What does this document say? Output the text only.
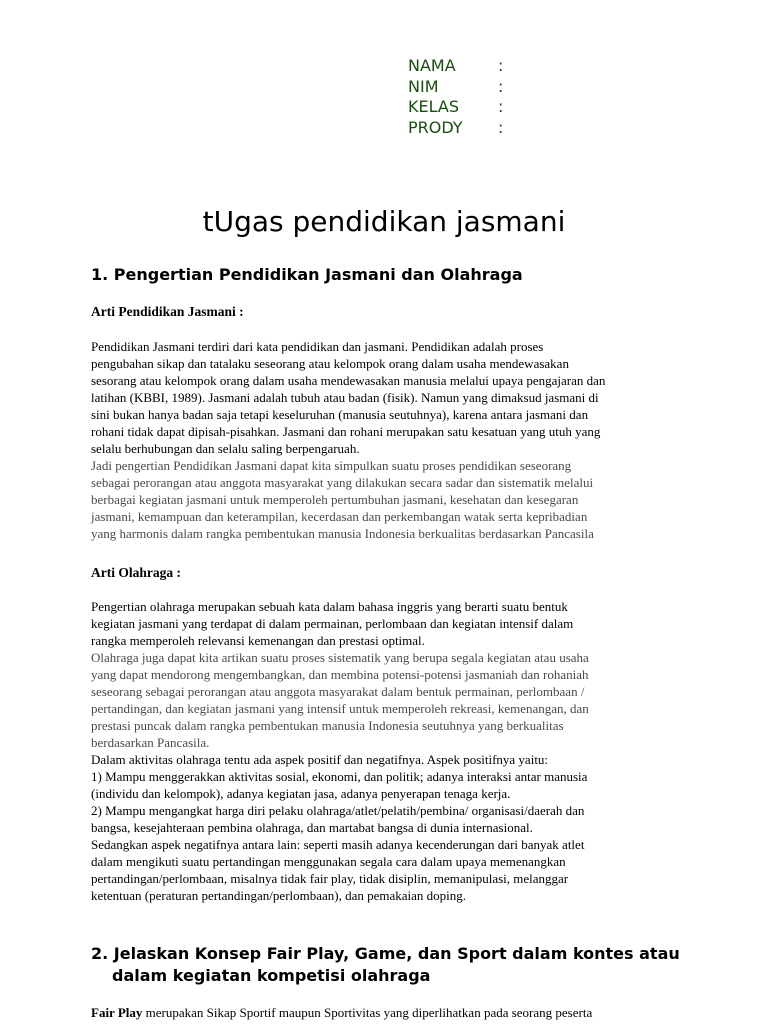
NAMA	:
NIM	:
KELAS	:
PRODY	:
tUgas pendidikan jasmani
1. Pengertian Pendidikan Jasmani dan Olahraga
Arti Pendidikan Jasmani :
Pendidikan Jasmani terdiri dari kata pendidikan dan jasmani. Pendidikan adalah proses
pengubahan sikap dan tatalaku seseorang atau kelompok orang dalam usaha mendewasakan
sesorang atau kelompok orang dalam usaha mendewasakan manusia melalui upaya pengajaran dan
latihan (KBBI, 1989). Jasmani adalah tubuh atau badan (fisik). Namun yang dimaksud jasmani di
sini bukan hanya badan saja tetapi keseluruhan (manusia seutuhnya), karena antara jasmani dan
rohani tidak dapat dipisah-pisahkan. Jasmani dan rohani merupakan satu kesatuan yang utuh yang
selalu berhubungan dan selalu saling berpengaruah.
Jadi pengertian Pendidikan Jasmani dapat kita simpulkan suatu proses pendidikan seseorang
sebagai perorangan atau anggota masyarakat yang dilakukan secara sadar dan sistematik melalui
berbagai kegiatan jasmani untuk memperoleh pertumbuhan jasmani, kesehatan dan kesegaran
jasmani, kemampuan dan keterampilan, kecerdasan dan perkembangan watak serta kepribadian
yang harmonis dalam rangka pembentukan manusia Indonesia berkualitas berdasarkan Pancasila
Arti Olahraga :
Pengertian olahraga merupakan sebuah kata dalam bahasa inggris yang berarti suatu bentuk
kegiatan jasmani yang terdapat di dalam permainan, perlombaan dan kegiatan intensif dalam
rangka memperoleh relevansi kemenangan dan prestasi optimal.
Olahraga juga dapat kita artikan suatu proses sistematik yang berupa segala kegiatan atau usaha
yang dapat mendorong mengembangkan, dan membina potensi-potensi jasmaniah dan rohaniah
seseorang sebagai perorangan atau anggota masyarakat dalam bentuk permainan, perlombaan /
pertandingan, dan kegiatan jasmani yang intensif untuk memperoleh rekreasi, kemenangan, dan
prestasi puncak dalam rangka pembentukan manusia Indonesia seutuhnya yang berkualitas
berdasarkan Pancasila.
Dalam aktivitas olahraga tentu ada aspek positif dan negatifnya. Aspek positifnya yaitu:
1) Mampu menggerakkan aktivitas sosial, ekonomi, dan politik; adanya interaksi antar manusia
(individu dan kelompok), adanya kegiatan jasa, adanya penyerapan tenaga kerja.
2) Mampu mengangkat harga diri pelaku olahraga/atlet/pelatih/pembina/ organisasi/daerah dan
bangsa, kesejahteraan pembina olahraga, dan martabat bangsa di dunia internasional.
Sedangkan aspek negatifnya antara lain: seperti masih adanya kecenderungan dari banyak atlet
dalam mengikuti suatu pertandingan menggunakan segala cara dalam upaya memenangkan
pertandingan/perlombaan, misalnya tidak fair play, tidak disiplin, memanipulasi, melanggar
ketentuan (peraturan pertandingan/perlombaan), dan pemakaian doping.
2. Jelaskan Konsep Fair Play, Game, dan Sport dalam kontes atau
dalam kegiatan kompetisi olahraga
Fair Play merupakan Sikap Sportif maupun Sportivitas yang diperlihatkan pada seorang peserta
